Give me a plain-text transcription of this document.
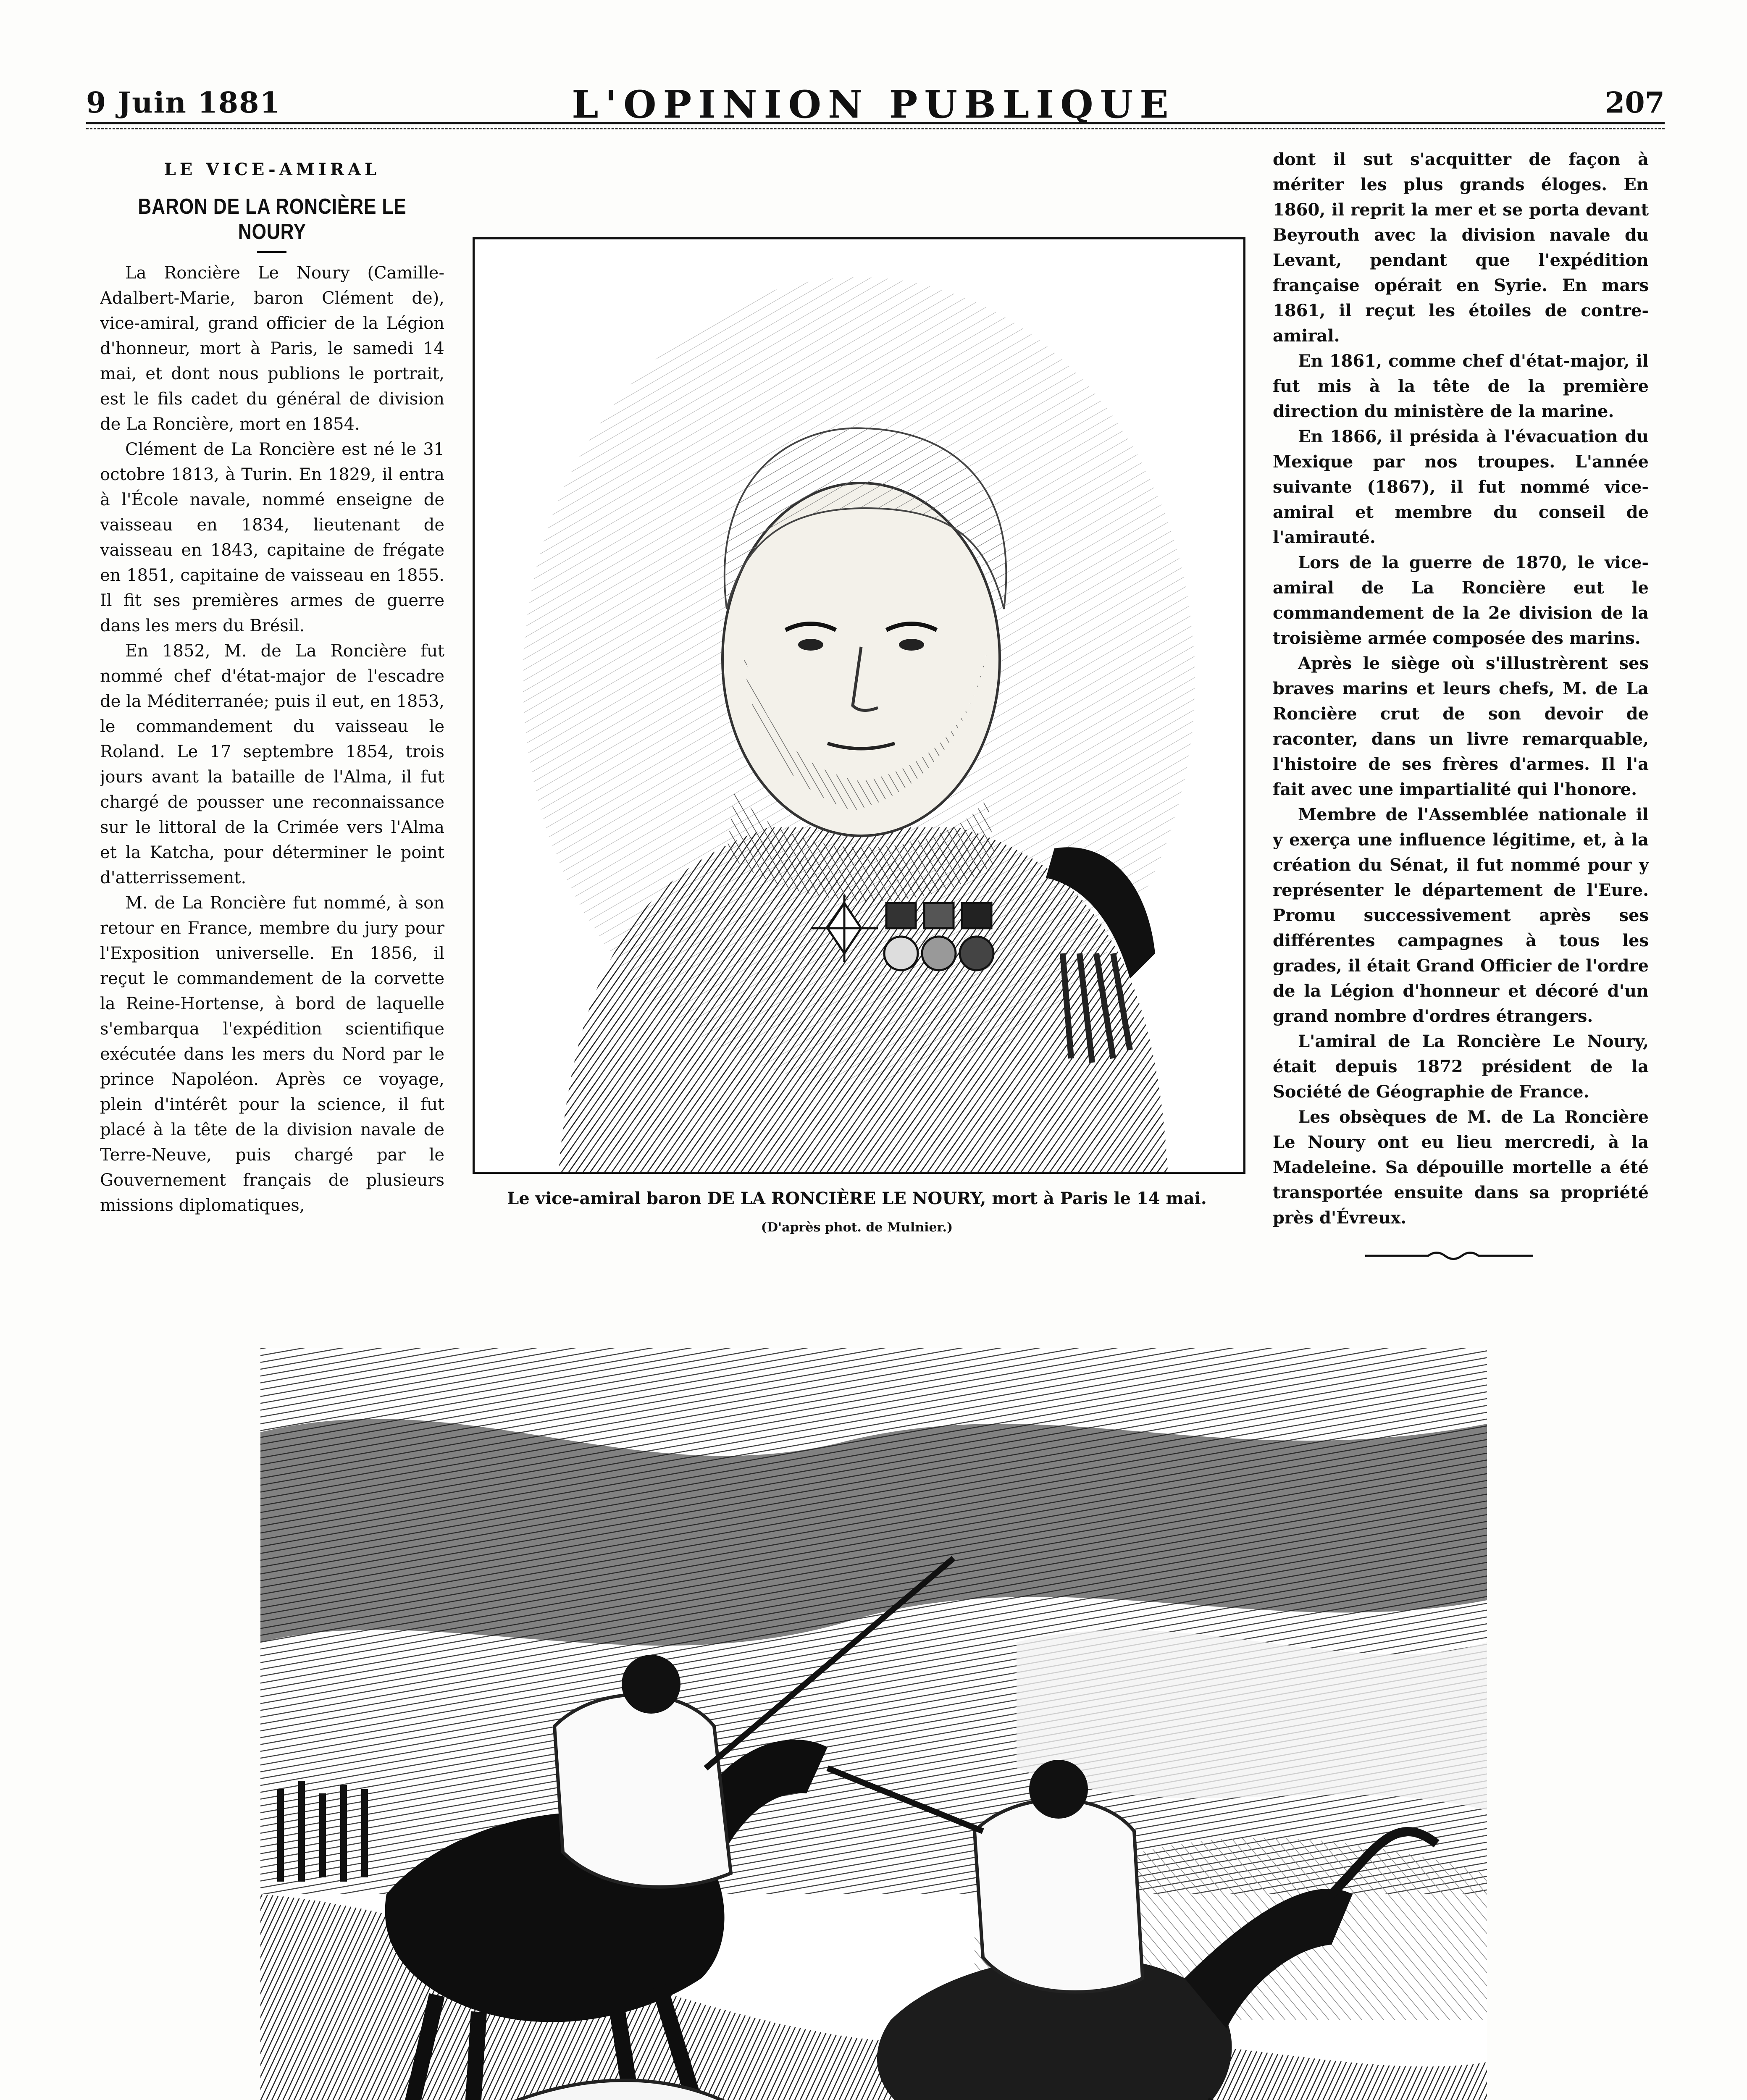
9 Juin 1881	L'OPINION PUBLIQUE	207
LE VICE-AMIRAL
BARON DE LA RONCIÈRE LE NOURY

La Roncière Le Noury (Camille-Adalbert-Marie, baron Clément de), vice-amiral, grand officier de la Légion d'honneur, mort à Paris, le samedi 14 mai, et dont nous publions le portrait, est le fils cadet du général de division de La Roncière, mort en 1854.

Clément de La Roncière est né le 31 octobre 1813, à Turin. En 1829, il entra à l'École navale, nommé enseigne de vaisseau en 1834, lieutenant de vaisseau en 1843, capitaine de frégate en 1851, capitaine de vaisseau en 1855. Il fit ses premières armes de guerre dans les mers du Brésil.

En 1852, M. de La Roncière fut nommé chef d'état-major de l'escadre de la Méditerranée; puis il eut, en 1853, le commandement du vaisseau le Roland. Le 17 septembre 1854, trois jours avant la bataille de l'Alma, il fut chargé de pousser une reconnaissance sur le littoral de la Crimée vers l'Alma et la Katcha, pour déterminer le point d'atterrissement.

M. de La Roncière fut nommé, à son retour en France, membre du jury pour l'Exposition universelle. En 1856, il reçut le commandement de la corvette la Reine-Hortense, à bord de laquelle s'embarqua l'expédition scientifique exécutée dans les mers du Nord par le prince Napoléon. Après ce voyage, plein d'intérêt pour la science, il fut placé à la tête de la division navale de Terre-Neuve, puis chargé par le Gouvernement français de plusieurs missions diplomatiques,	Le vice-amiral baron DE LA RONCIÈRE LE NOURY, mort à Paris le 14 mai.
(D'après phot. de Mulnier.)

dont il sut s'acquitter de façon à mériter les plus grands éloges. En 1860, il reprit la mer et se porta devant Beyrouth avec la division navale du Levant, pendant que l'expédition française opérait en Syrie. En mars 1861, il reçut les étoiles de contre-amiral.

En 1861, comme chef d'état-major, il fut mis à la tête de la première direction du ministère de la marine.

En 1866, il présida à l'évacuation du Mexique par nos troupes. L'année suivante (1867), il fut nommé vice-amiral et membre du conseil de l'amirauté.

Lors de la guerre de 1870, le vice-amiral de La Roncière eut le commandement de la 2e division de la troisième armée composée des marins.

Après le siège où s'illustrèrent ses braves marins et leurs chefs, M. de La Roncière crut de son devoir de raconter, dans un livre remarquable, l'histoire de ses frères d'armes. Il l'a fait avec une impartialité qui l'honore.

Membre de l'Assemblée nationale il y exerça une influence légitime, et, à la création du Sénat, il fut nommé pour y représenter le département de l'Eure. Promu successivement après ses différentes campagnes à tous les grades, il était Grand Officier de l'ordre de la Légion d'honneur et décoré d'un grand nombre d'ordres étrangers.

L'amiral de La Roncière Le Noury, était depuis 1872 président de la Société de Géographie de France.

Les obsèques de M. de La Roncière Le Noury ont eu lieu mercredi, à la Madeleine. Sa dépouille mortelle a été transportée ensuite dans sa propriété près d'Évreux.
